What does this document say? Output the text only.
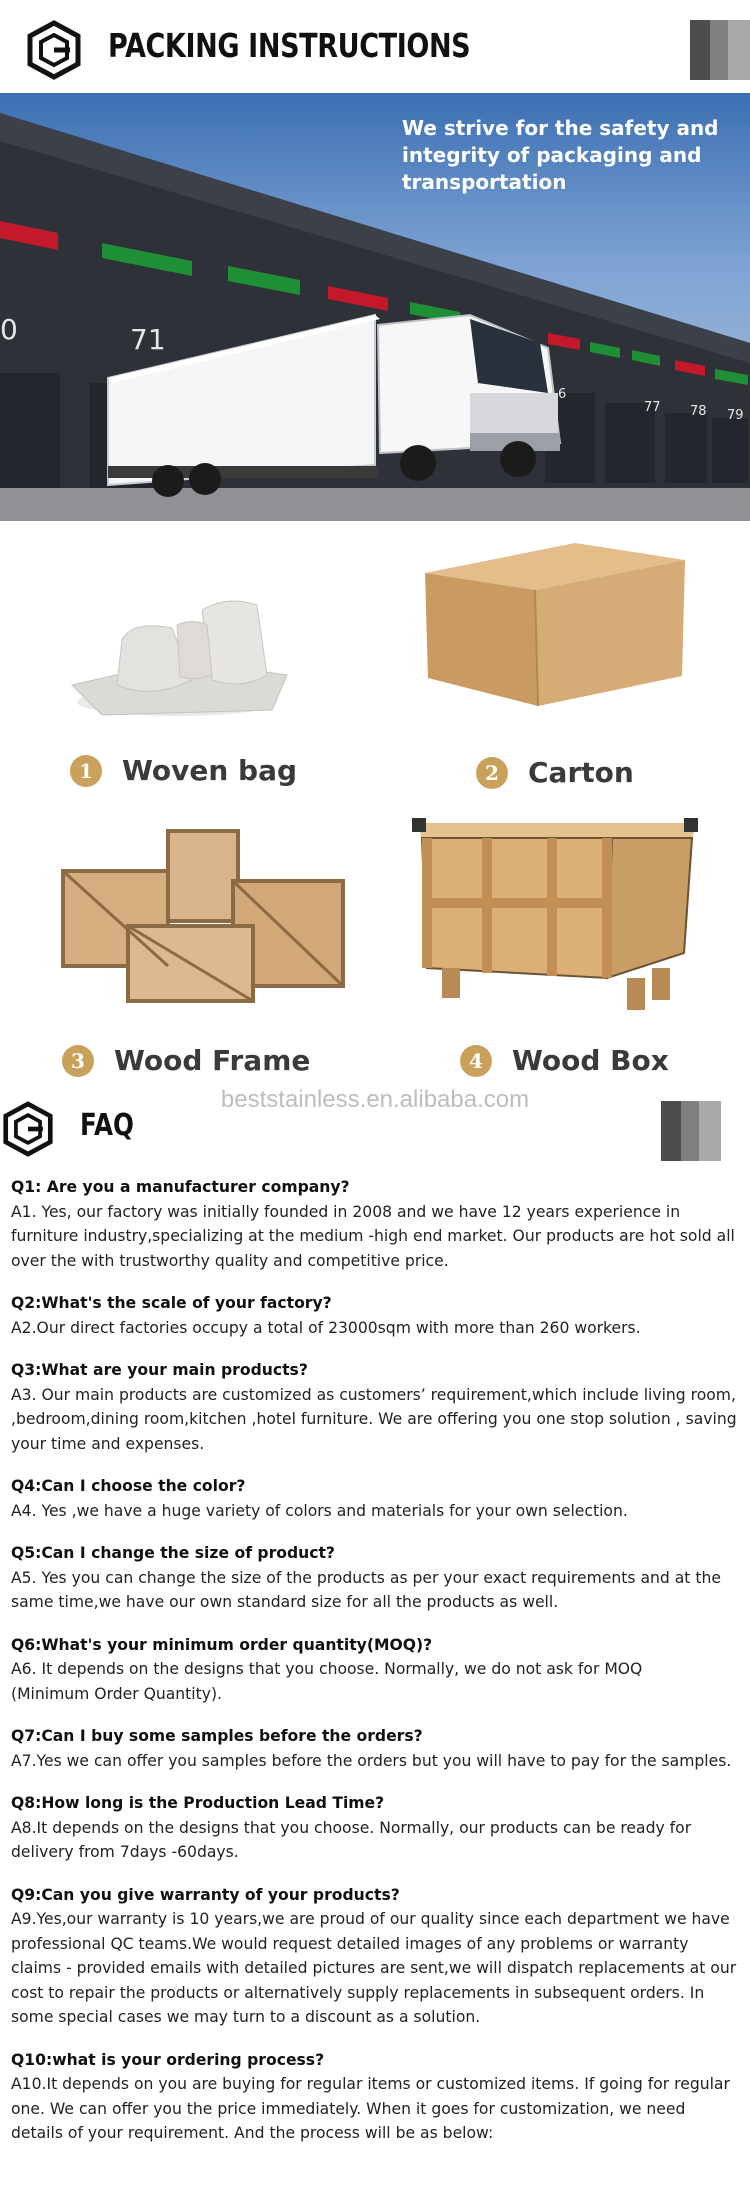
PACKING INSTRUCTIONS
0	71
6
77 78 79
We strive for the safety and integrity of packaging and transportation
1	Woven bag	2	Carton
3	Wood Frame	4	Wood Box
beststainless.en.alibaba.com
FAQ
Q1: Are you a manufacturer company?
A1. Yes, our factory was initially founded in 2008 and we have 12 years experience in furniture industry,specializing at the medium -high end market. Our products are hot sold all over the with trustworthy quality and competitive price.
Q2:What's the scale of your factory?
A2.Our direct factories occupy a total of 23000sqm with more than 260 workers.
Q3:What are your main products?
A3. Our main products are customized as customers’ requirement,which include living room, ,bedroom,dining room,kitchen ,hotel furniture. We are offering you one stop solution , saving your time and expenses.
Q4:Can I choose the color?
A4. Yes ,we have a huge variety of colors and materials for your own selection.
Q5:Can I change the size of product?
A5. Yes you can change the size of the products as per your exact requirements and at the same time,we have our own standard size for all the products as well.
Q6:What's your minimum order quantity(MOQ)?
A6. It depends on the designs that you choose. Normally, we do not ask for MOQ
(Minimum Order Quantity).
Q7:Can I buy some samples before the orders?
A7.Yes we can offer you samples before the orders but you will have to pay for the samples.
Q8:How long is the Production Lead Time?
A8.It depends on the designs that you choose. Normally, our products can be ready for delivery from 7days -60days.
Q9:Can you give warranty of your products?
A9.Yes,our warranty is 10 years,we are proud of our quality since each department we have professional QC teams.We would request detailed images of any problems or warranty claims - provided emails with detailed pictures are sent,we will dispatch replacements at our cost to repair the products or alternatively supply replacements in subsequent orders. In some special cases we may turn to a discount as a solution.
Q10:what is your ordering process?
A10.It depends on you are buying for regular items or customized items. If going for regular one. We can offer you the price immediately. When it goes for customization, we need details of your requirement. And the process will be as below:
